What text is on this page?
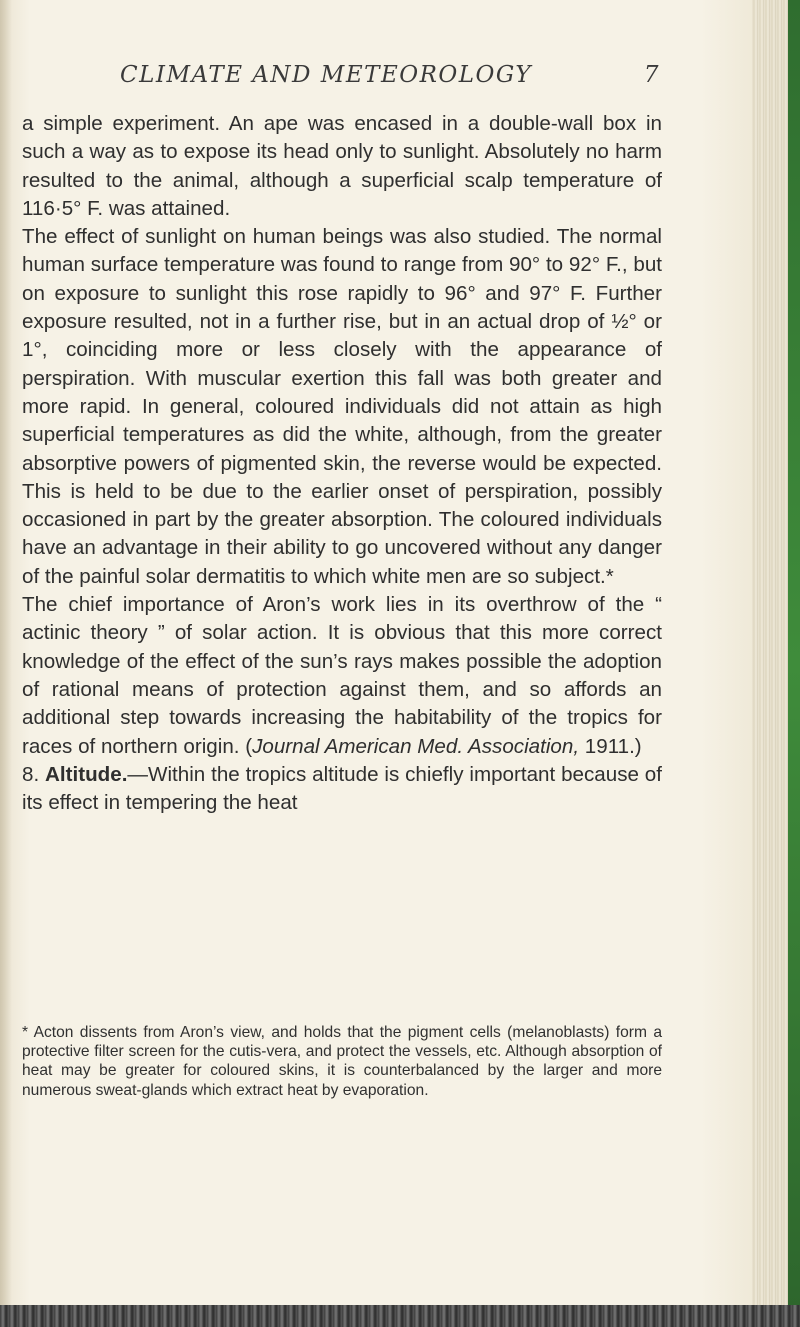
CLIMATE AND METEOROLOGY	7

a simple experiment. An ape was encased in a double-wall box in such a way as to expose its head only to sunlight. Absolutely no harm resulted to the animal, although a superficial scalp temperature of 116·5° F. was attained.

The effect of sunlight on human beings was also studied. The normal human surface temperature was found to range from 90° to 92° F., but on exposure to sunlight this rose rapidly to 96° and 97° F. Further exposure resulted, not in a further rise, but in an actual drop of ½° or 1°, coinciding more or less closely with the appearance of perspiration. With muscular exertion this fall was both greater and more rapid. In general, coloured individuals did not attain as high superficial temperatures as did the white, although, from the greater absorptive powers of pigmented skin, the reverse would be expected. This is held to be due to the earlier onset of perspiration, possibly occasioned in part by the greater absorption. The coloured individuals have an advantage in their ability to go uncovered without any danger of the painful solar dermatitis to which white men are so subject.*

The chief importance of Aron’s work lies in its overthrow of the “ actinic theory ” of solar action. It is obvious that this more correct knowledge of the effect of the sun’s rays makes possible the adoption of rational means of protection against them, and so affords an additional step towards increasing the habitability of the tropics for races of northern origin. (Journal American Med. Association, 1911.)

8. Altitude.—Within the tropics altitude is chiefly important because of its effect in tempering the heat

* Acton dissents from Aron’s view, and holds that the pigment cells (melanoblasts) form a protective filter screen for the cutis-vera, and protect the vessels, etc. Although absorption of heat may be greater for coloured skins, it is counterbalanced by the larger and more numerous sweat-glands which extract heat by evaporation.
